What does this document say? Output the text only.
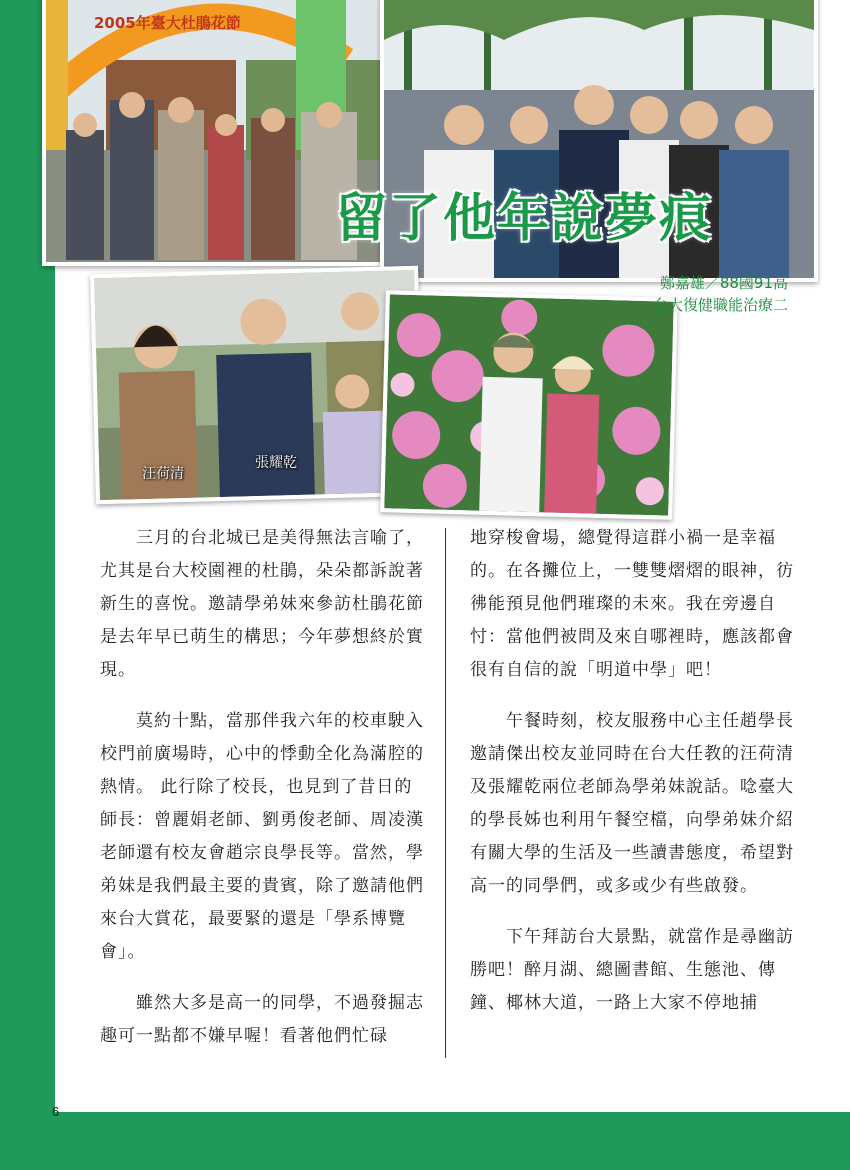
6
2005年臺大杜鵑花節
汪荷清
張耀乾
留了他年說夢痕
鄭嘉雄／88國91高
台大復健職能治療二

　　三月的台北城已是美得無法言喻了，尤其是台大校園裡的杜鵑，朵朵都訴說著新生的喜悅。邀請學弟妹來參訪杜鵑花節是去年早已萌生的構思；今年夢想終於實現。

　　莫約十點，當那伴我六年的校車駛入校門前廣場時，心中的悸動全化為滿腔的熱情。 此行除了校長，也見到了昔日的師長：曾麗娟老師、劉勇俊老師、周凌漢老師還有校友會趙宗良學長等。當然，學弟妹是我們最主要的貴賓，除了邀請他們來台大賞花，最要緊的還是「學系博覽會」。

　　雖然大多是高一的同學，不過發掘志趣可一點都不嫌早喔！看著他們忙碌

地穿梭會場，總覺得這群小禍一是幸福的。在各攤位上，一雙雙熠熠的眼神，彷彿能預見他們璀璨的未來。我在旁邊自忖：當他們被問及來自哪裡時，應該都會很有自信的說「明道中學」吧！

　　午餐時刻，校友服務中心主任趙學長邀請傑出校友並同時在台大任教的汪荷清及張耀乾兩位老師為學弟妹說話。唸臺大的學長姊也利用午餐空檔，向學弟妹介紹有關大學的生活及一些讀書態度，希望對高一的同學們，或多或少有些啟發。

　　下午拜訪台大景點，就當作是尋幽訪勝吧！醉月湖、總圖書館、生態池、傳鐘、椰林大道，一路上大家不停地捕
